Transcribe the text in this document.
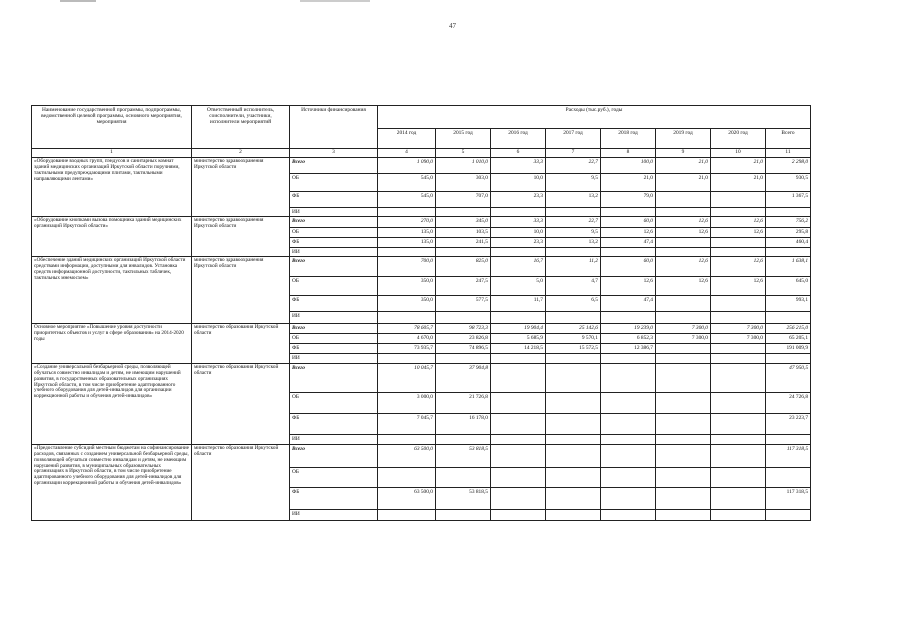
47
Наименование государственной программы, подпрограммы, ведомственной целевой программы, основного мероприятия, мероприятия	Ответственный исполнитель, соисполнители, участники, исполнители мероприятий	Источники финансирования	Расходы (тыс.руб.), годы							
			2014 год	2015 год	2016 год	2017 год	2018 год	2019 год	2020 год	Всего
1	2	3	4	5	6	7	8	9	10	11
«Оборудование входных групп, пэндусов и санитарных комнат зданий медицинских организаций Иркутской области поручнями, тактильными предупреждающими плитами, тактильными направляющими лентами»	министерство здравоохранения Иркутской области	Всего	1 090,0	1 010,0	33,3	22,7	100,0	21,0	21,0	2 298,0
		ОБ	545,0	303,0	10,0	9,5	21,0	21,0	21,0	930,5
		ФБ	545,0	707,0	23,3	13,2	79,0			1 367,5
		ИИ								
«Оборудование кнопками вызова помощника зданий медицинских организаций Иркутской области»	министерство здравоохранения Иркутской области	Всего	270,0	345,0	33,3	22,7	60,0	12,6	12,6	756,2
		ОБ	135,0	103,5	10,0	9,5	12,6	12,6	12,6	295,8
		ФБ	135,0	241,5	23,3	13,2	47,4			460,4
		ИИ								
«Обеспечение зданий медицинских организаций Иркутской области средствами информации, доступными для инвалидов. Установка средств информационной доступности, тактильных табличек, тактильных мнемосхем»	министерство здравоохранения Иркутской области	Всего	700,0	825,0	16,7	11,2	60,0	12,6	12,6	1 638,1
		ОБ	350,0	247,5	5,0	4,7	12,6	12,6	12,6	645,0
		ФБ	350,0	577,5	11,7	6,5	47,4			993,1
		ИИ								
Основное мероприятие «Повышение уровня доступности приоритетных объектов и услуг в сфере образования» на 2014-2020 годы	министерство образования Иркутской области	Всего	78 605,7	98 723,3	19 904,4	25 142,6	19 239,0	7 300,0	7 300,0	256 215,0
		ОБ	4 670,0	23 826,8	5 685,9	9 570,1	6 852,3	7 300,0	7 300,0	65 205,1
		ФБ	73 935,7	74 896,5	14 218,5	15 572,5	12 386,7			191 009,9
		ИИ								
«Создание универсальной безбарьерной среды, позволяющей обучаться совместно инвалидам и детям, не имеющим нарушений развития, в государственных образовательных организациях Иркутской области, в том числе приобретение адаптированного учебного оборудования для детей-инвалидов для организации коррекционной работы и обучения детей-инвалидов»	министерство образования Иркутской области	Всего	10 045,7	37 904,8						47 950,5
		ОБ	3 000,0	21 726,8						24 726,8
		ФБ	7 045,7	16 178,0						23 223,7
		ИИ								
«Предоставление субсидий местным бюджетам на софинансирование расходов, связанных с созданием универсальной безбарьерной среды, позволяющей обучаться совместно инвалидам и детям, не имеющим нарушений развития, в муниципальных образовательных организациях в Иркутской области, в том числе приобретение адаптированного учебного оборудования для детей-инвалидов для организации коррекционной работы и обучения детей-инвалидов»	министерство образования Иркутской области	Всего	63 500,0	53 818,5						117 318,5
		ОБ								
		ФБ	63 500,0	53 818,5						117 318,5
		ИИ								
